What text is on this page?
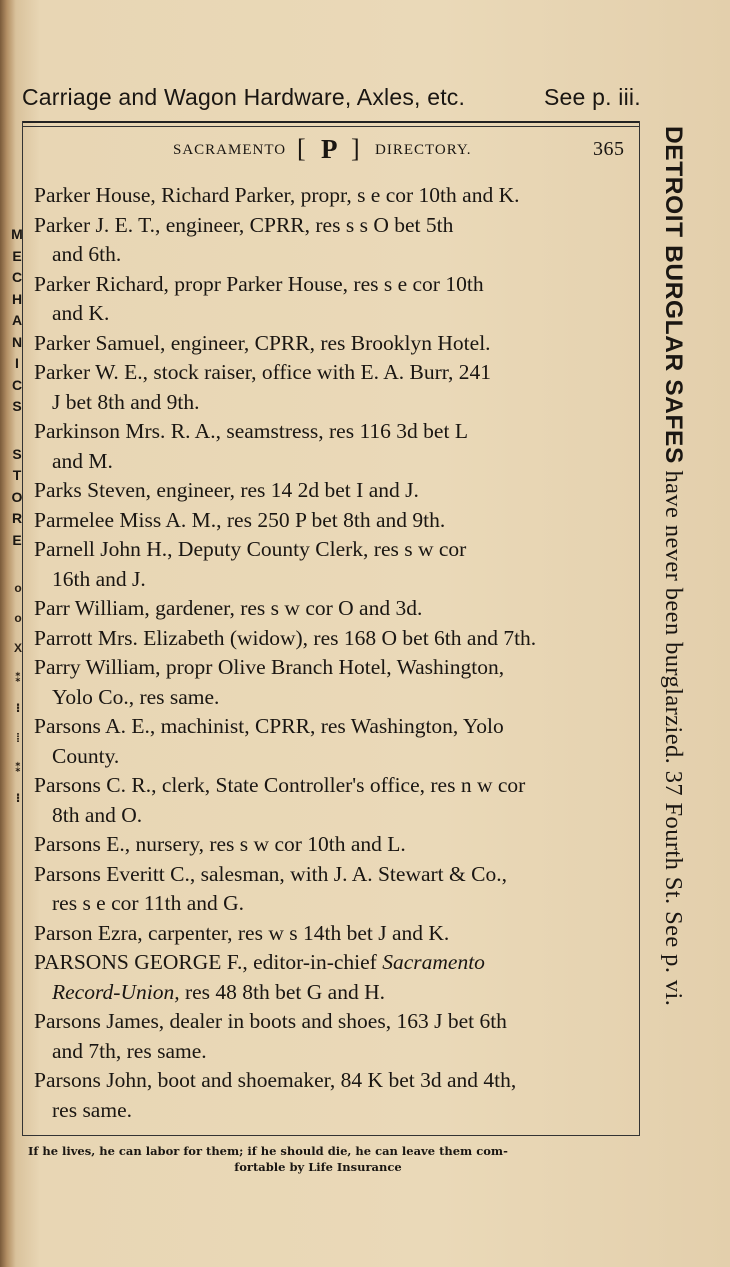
Carriage and Wagon Hardware, Axles, etc.	See p. iii.
SACRAMENTO [ P ] DIRECTORY.	365

Parker House, Richard Parker, propr, s e cor 10th and K.

Parker J. E. T., engineer, CPRR, res s s O bet 5th
and 6th.

Parker Richard, propr Parker House, res s e cor 10th
and K.

Parker Samuel, engineer, CPRR, res Brooklyn Hotel.

Parker W. E., stock raiser, office with E. A. Burr, 241
J bet 8th and 9th.

Parkinson Mrs. R. A., seamstress, res 116 3d bet L
and M.

Parks Steven, engineer, res 14 2d bet I and J.

Parmelee Miss A. M., res 250 P bet 8th and 9th.

Parnell John H., Deputy County Clerk, res s w cor
16th and J.

Parr William, gardener, res s w cor O and 3d.

Parrott Mrs. Elizabeth (widow), res 168 O bet 6th and 7th.

Parry William, propr Olive Branch Hotel, Washington,
Yolo Co., res same.

Parsons A. E., machinist, CPRR, res Washington, Yolo
County.

Parsons C. R., clerk, State Controller's office, res n w cor
8th and O.

Parsons E., nursery, res s w cor 10th and L.

Parsons Everitt C., salesman, with J. A. Stewart & Co.,
res s e cor 11th and G.

Parson Ezra, carpenter, res w s 14th bet J and K.

PARSONS GEORGE F., editor-in-chief Sacramento
Record-Union, res 48 8th bet G and H.

Parsons James, dealer in boots and shoes, 163 J bet 6th
and 7th, res same.

Parsons John, boot and shoemaker, 84 K bet 3d and 4th,
res same.

M
E
C
H
A
N
I
C
S
S
T
O
R
E
o
o
X
⁑
⁝
⁞
⁑
⁝
DETROIT BURGLAR SAFES have never been burglarzied. 37 Fourth St. See p. vi.
If he lives, he can labor for them; if he should die, he can leave them com-
fortable by Life Insurance
